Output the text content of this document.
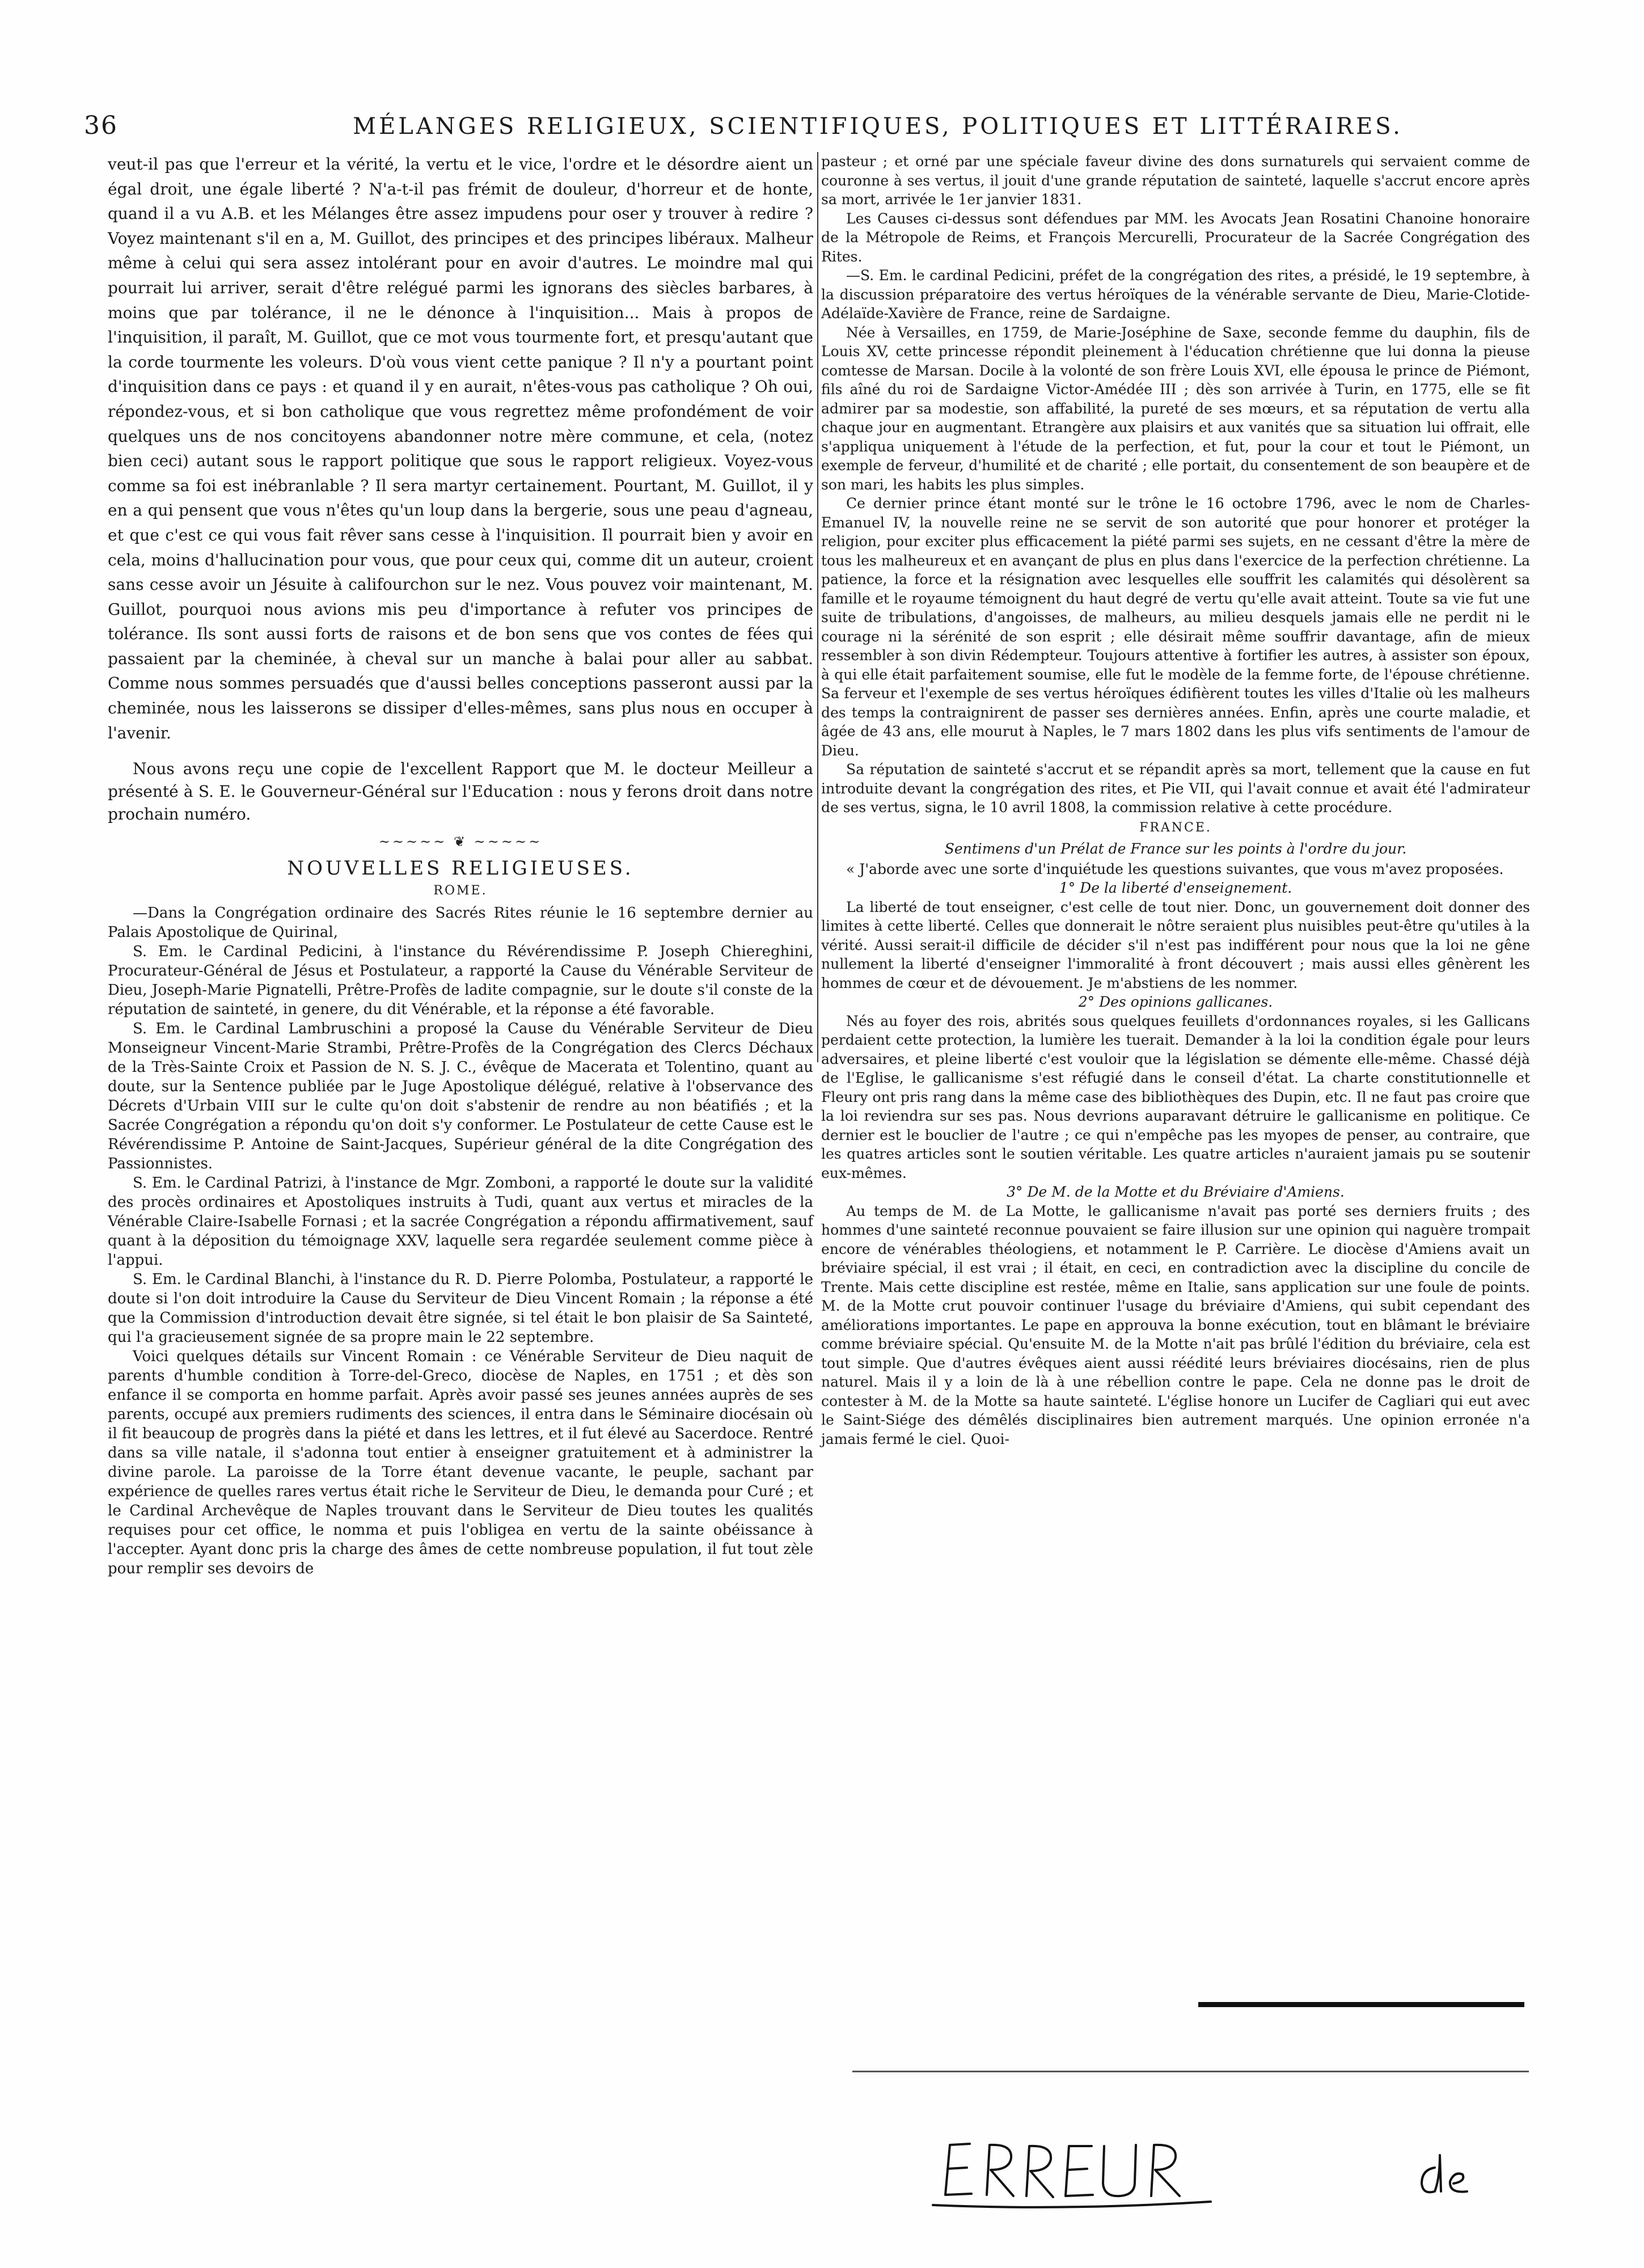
36	MÉLANGES RELIGIEUX, SCIENTIFIQUES, POLITIQUES ET LITTÉRAIRES.

veut-il pas que l'erreur et la vérité, la vertu et le vice, l'ordre et le désordre aient un égal droit, une égale liberté ? N'a-t-il pas frémit de douleur, d'horreur et de honte, quand il a vu A.B. et les Mélanges être assez impudens pour oser y trouver à redire ? Voyez maintenant s'il en a, M. Guillot, des principes et des principes libéraux. Malheur même à celui qui sera assez intolérant pour en avoir d'autres. Le moindre mal qui pourrait lui arriver, serait d'être relégué parmi les ignorans des siècles barbares, à moins que par tolérance, il ne le dénonce à l'inquisition... Mais à propos de l'inquisition, il paraît, M. Guillot, que ce mot vous tourmente fort, et presqu'autant que la corde tourmente les voleurs. D'où vous vient cette panique ? Il n'y a pourtant point d'inquisition dans ce pays : et quand il y en aurait, n'êtes-vous pas catholique ? Oh oui, répondez-vous, et si bon catholique que vous regrettez même profondément de voir quelques uns de nos concitoyens abandonner notre mère commune, et cela, (notez bien ceci) autant sous le rapport politique que sous le rapport religieux. Voyez-vous comme sa foi est inébranlable ? Il sera martyr certainement. Pourtant, M. Guillot, il y en a qui pensent que vous n'êtes qu'un loup dans la bergerie, sous une peau d'agneau, et que c'est ce qui vous fait rêver sans cesse à l'inquisition. Il pourrait bien y avoir en cela, moins d'hallucination pour vous, que pour ceux qui, comme dit un auteur, croient sans cesse avoir un Jésuite à califourchon sur le nez. Vous pouvez voir maintenant, M. Guillot, pourquoi nous avions mis peu d'importance à refuter vos principes de tolérance. Ils sont aussi forts de raisons et de bon sens que vos contes de fées qui passaient par la cheminée, à cheval sur un manche à balai pour aller au sabbat. Comme nous sommes persuadés que d'aussi belles conceptions passeront aussi par la cheminée, nous les laisserons se dissiper d'elles-mêmes, sans plus nous en occuper à l'avenir.

Nous avons reçu une copie de l'excellent Rapport que M. le docteur Meilleur a présenté à S. E. le Gouverneur-Général sur l'Education : nous y ferons droit dans notre prochain numéro.

~~~~~ ❦ ~~~~~
NOUVELLES RELIGIEUSES.
ROME.

—Dans la Congrégation ordinaire des Sacrés Rites réunie le 16 septembre dernier au Palais Apostolique de Quirinal,

S. Em. le Cardinal Pedicini, à l'instance du Révérendissime P. Joseph Chiereghini, Procurateur-Général de Jésus et Postulateur, a rapporté la Cause du Vénérable Serviteur de Dieu, Joseph-Marie Pignatelli, Prêtre-Profès de ladite compagnie, sur le doute s'il conste de la réputation de sainteté, in genere, du dit Vénérable, et la réponse a été favorable.

S. Em. le Cardinal Lambruschini a proposé la Cause du Vénérable Serviteur de Dieu Monseigneur Vincent-Marie Strambi, Prêtre-Profès de la Congrégation des Clercs Déchaux de la Très-Sainte Croix et Passion de N. S. J. C., évêque de Macerata et Tolentino, quant au doute, sur la Sentence publiée par le Juge Apostolique délégué, relative à l'observance des Décrets d'Urbain VIII sur le culte qu'on doit s'abstenir de rendre au non béatifiés ; et la Sacrée Congrégation a répondu qu'on doit s'y conformer. Le Postulateur de cette Cause est le Révérendissime P. Antoine de Saint-Jacques, Supérieur général de la dite Congrégation des Passionnistes.

S. Em. le Cardinal Patrizi, à l'instance de Mgr. Zomboni, a rapporté le doute sur la validité des procès ordinaires et Apostoliques instruits à Tudi, quant aux vertus et miracles de la Vénérable Claire-Isabelle Fornasi ; et la sacrée Congrégation a répondu affirmativement, sauf quant à la déposition du témoignage XXV, laquelle sera regardée seulement comme pièce à l'appui.

S. Em. le Cardinal Blanchi, à l'instance du R. D. Pierre Polomba, Postulateur, a rapporté le doute si l'on doit introduire la Cause du Serviteur de Dieu Vincent Romain ; la réponse a été que la Commission d'introduction devait être signée, si tel était le bon plaisir de Sa Sainteté, qui l'a gracieusement signée de sa propre main le 22 septembre.

Voici quelques détails sur Vincent Romain : ce Vénérable Serviteur de Dieu naquit de parents d'humble condition à Torre-del-Greco, diocèse de Naples, en 1751 ; et dès son enfance il se comporta en homme parfait. Après avoir passé ses jeunes années auprès de ses parents, occupé aux premiers rudiments des sciences, il entra dans le Séminaire diocésain où il fit beaucoup de progrès dans la piété et dans les lettres, et il fut élevé au Sacerdoce. Rentré dans sa ville natale, il s'adonna tout entier à enseigner gratuitement et à administrer la divine parole. La paroisse de la Torre étant devenue vacante, le peuple, sachant par expérience de quelles rares vertus était riche le Serviteur de Dieu, le demanda pour Curé ; et le Cardinal Archevêque de Naples trouvant dans le Serviteur de Dieu toutes les qualités requises pour cet office, le nomma et puis l'obligea en vertu de la sainte obéissance à l'accepter. Ayant donc pris la charge des âmes de cette nombreuse population, il fut tout zèle pour remplir ses devoirs de

pasteur ; et orné par une spéciale faveur divine des dons surnaturels qui servaient comme de couronne à ses vertus, il jouit d'une grande réputation de sainteté, laquelle s'accrut encore après sa mort, arrivée le 1er janvier 1831.

Les Causes ci-dessus sont défendues par MM. les Avocats Jean Rosatini Chanoine honoraire de la Métropole de Reims, et François Mercurelli, Procurateur de la Sacrée Congrégation des Rites.

—S. Em. le cardinal Pedicini, préfet de la congrégation des rites, a présidé, le 19 septembre, à la discussion préparatoire des vertus héroïques de la vénérable servante de Dieu, Marie-Clotide-Adélaïde-Xavière de France, reine de Sardaigne.

Née à Versailles, en 1759, de Marie-Joséphine de Saxe, seconde femme du dauphin, fils de Louis XV, cette princesse répondit pleinement à l'éducation chrétienne que lui donna la pieuse comtesse de Marsan. Docile à la volonté de son frère Louis XVI, elle épousa le prince de Piémont, fils aîné du roi de Sardaigne Victor-Amédée III ; dès son arrivée à Turin, en 1775, elle se fit admirer par sa modestie, son affabilité, la pureté de ses mœurs, et sa réputation de vertu alla chaque jour en augmentant. Etrangère aux plaisirs et aux vanités que sa situation lui offrait, elle s'appliqua uniquement à l'étude de la perfection, et fut, pour la cour et tout le Piémont, un exemple de ferveur, d'humilité et de charité ; elle portait, du consentement de son beaupère et de son mari, les habits les plus simples.

Ce dernier prince étant monté sur le trône le 16 octobre 1796, avec le nom de Charles-Emanuel IV, la nouvelle reine ne se servit de son autorité que pour honorer et protéger la religion, pour exciter plus efficacement la piété parmi ses sujets, en ne cessant d'être la mère de tous les malheureux et en avançant de plus en plus dans l'exercice de la perfection chrétienne. La patience, la force et la résignation avec lesquelles elle souffrit les calamités qui désolèrent sa famille et le royaume témoignent du haut degré de vertu qu'elle avait atteint. Toute sa vie fut une suite de tribulations, d'angoisses, de malheurs, au milieu desquels jamais elle ne perdit ni le courage ni la sérénité de son esprit ; elle désirait même souffrir davantage, afin de mieux ressembler à son divin Rédempteur. Toujours attentive à fortifier les autres, à assister son époux, à qui elle était parfaitement soumise, elle fut le modèle de la femme forte, de l'épouse chrétienne. Sa ferveur et l'exemple de ses vertus héroïques édifièrent toutes les villes d'Italie où les malheurs des temps la contraignirent de passer ses dernières années. Enfin, après une courte maladie, et âgée de 43 ans, elle mourut à Naples, le 7 mars 1802 dans les plus vifs sentiments de l'amour de Dieu.

Sa réputation de sainteté s'accrut et se répandit après sa mort, tellement que la cause en fut introduite devant la congrégation des rites, et Pie VII, qui l'avait connue et avait été l'admirateur de ses vertus, signa, le 10 avril 1808, la commission relative à cette procédure.

FRANCE.
Sentimens d'un Prélat de France sur les points à l'ordre du jour.

« J'aborde avec une sorte d'inquiétude les questions suivantes, que vous m'avez proposées.

1° De la liberté d'enseignement.

La liberté de tout enseigner, c'est celle de tout nier. Donc, un gouvernement doit donner des limites à cette liberté. Celles que donnerait le nôtre seraient plus nuisibles peut-être qu'utiles à la vérité. Aussi serait-il difficile de décider s'il n'est pas indifférent pour nous que la loi ne gêne nullement la liberté d'enseigner l'immoralité à front découvert ; mais aussi elles gênèrent les hommes de cœur et de dévouement. Je m'abstiens de les nommer.

2° Des opinions gallicanes.

Nés au foyer des rois, abrités sous quelques feuillets d'ordonnances royales, si les Gallicans perdaient cette protection, la lumière les tuerait. Demander à la loi la condition égale pour leurs adversaires, et pleine liberté c'est vouloir que la législation se démente elle-même. Chassé déjà de l'Eglise, le gallicanisme s'est réfugié dans le conseil d'état. La charte constitutionnelle et Fleury ont pris rang dans la même case des bibliothèques des Dupin, etc. Il ne faut pas croire que la loi reviendra sur ses pas. Nous devrions auparavant détruire le gallicanisme en politique. Ce dernier est le bouclier de l'autre ; ce qui n'empêche pas les myopes de penser, au contraire, que les quatres articles sont le soutien véritable. Les quatre articles n'auraient jamais pu se soutenir eux-mêmes.

3° De M. de la Motte et du Bréviaire d'Amiens.

Au temps de M. de La Motte, le gallicanisme n'avait pas porté ses derniers fruits ; des hommes d'une sainteté reconnue pouvaient se faire illusion sur une opinion qui naguère trompait encore de vénérables théologiens, et notamment le P. Carrière. Le diocèse d'Amiens avait un bréviaire spécial, il est vrai ; il était, en ceci, en contradiction avec la discipline du concile de Trente. Mais cette discipline est restée, même en Italie, sans application sur une foule de points. M. de la Motte crut pouvoir continuer l'usage du bréviaire d'Amiens, qui subit cependant des améliorations importantes. Le pape en approuva la bonne exécution, tout en blâmant le bréviaire comme bréviaire spécial. Qu'ensuite M. de la Motte n'ait pas brûlé l'édition du bréviaire, cela est tout simple. Que d'autres évêques aient aussi réédité leurs bréviaires diocésains, rien de plus naturel. Mais il y a loin de là à une rébellion contre le pape. Cela ne donne pas le droit de contester à M. de la Motte sa haute sainteté. L'église honore un Lucifer de Cagliari qui eut avec le Saint-Siége des démêlés disciplinaires bien autrement marqués. Une opinion erronée n'a jamais fermé le ciel. Quoi-
